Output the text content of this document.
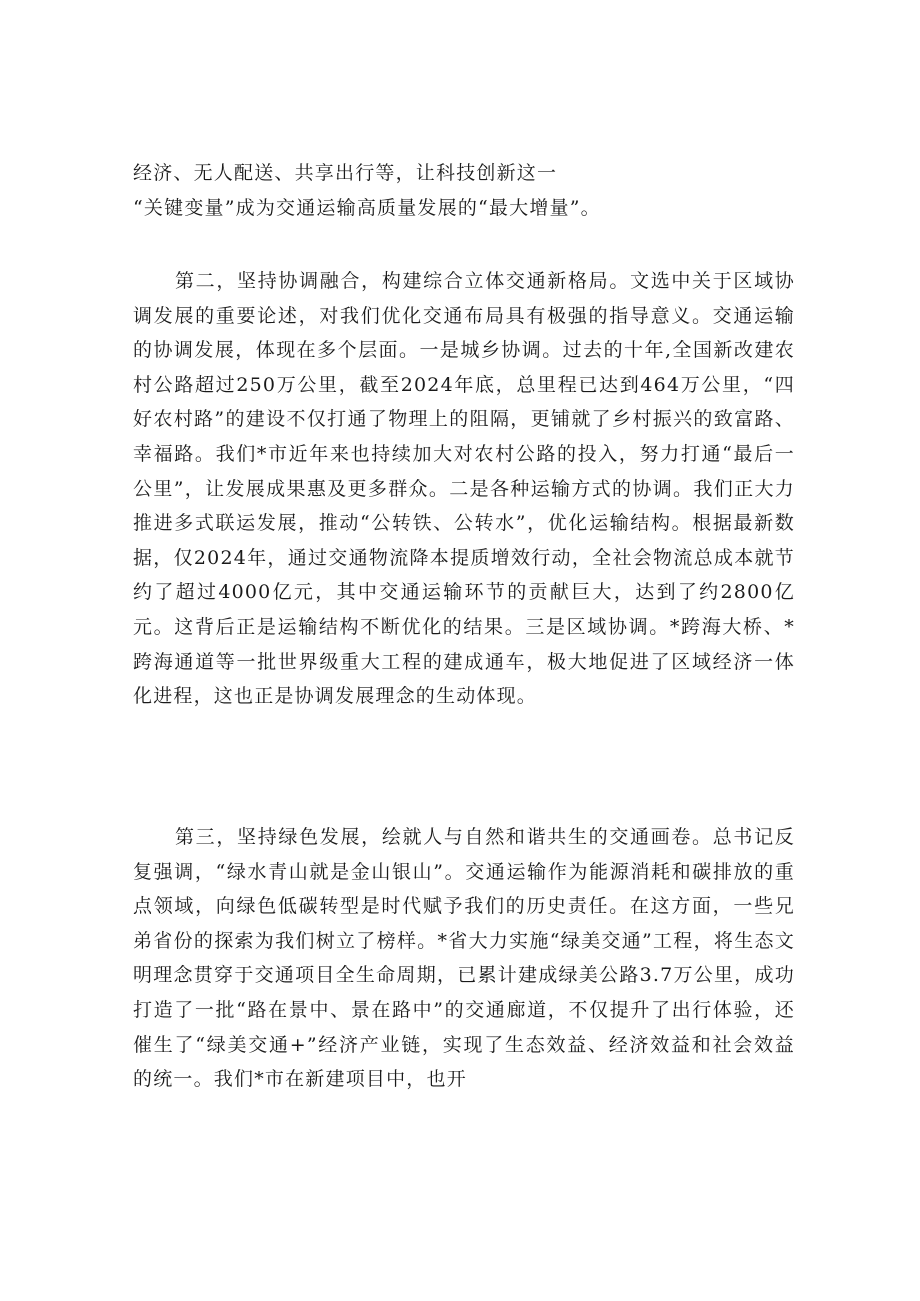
经济、无人配送、共享出行等，让科技创新这一
“关键变量”成为交通运输高质量发展的“最大增量”。

第二，坚持协调融合，构建综合立体交通新格局。文选中关于区域协调发展的重要论述，对我们优化交通布局具有极强的指导意义。交通运输的协调发展，体现在多个层面。一是城乡协调。过去的十年,全国新改建农村公路超过250万公里，截至2024年底，总里程已达到464万公里，“四好农村路”的建设不仅打通了物理上的阻隔，更铺就了乡村振兴的致富路、幸福路。我们*市近年来也持续加大对农村公路的投入，努力打通“最后一公里”，让发展成果惠及更多群众。二是各种运输方式的协调。我们正大力推进多式联运发展，推动“公转铁、公转水”，优化运输结构。根据最新数据，仅2024年，通过交通物流降本提质增效行动，全社会物流总成本就节约了超过4000亿元，其中交通运输环节的贡献巨大，达到了约2800亿元。这背后正是运输结构不断优化的结果。三是区域协调。*跨海大桥、*跨海通道等一批世界级重大工程的建成通车，极大地促进了区域经济一体化进程，这也正是协调发展理念的生动体现。

第三，坚持绿色发展，绘就人与自然和谐共生的交通画卷。总书记反复强调，“绿水青山就是金山银山”。交通运输作为能源消耗和碳排放的重点领域，向绿色低碳转型是时代赋予我们的历史责任。在这方面，一些兄弟省份的探索为我们树立了榜样。*省大力实施“绿美交通”工程，将生态文明理念贯穿于交通项目全生命周期，已累计建成绿美公路3.7万公里，成功打造了一批“路在景中、景在路中”的交通廊道，不仅提升了出行体验，还催生了“绿美交通+”经济产业链，实现了生态效益、经济效益和社会效益的统一。我们*市在新建项目中，也开
